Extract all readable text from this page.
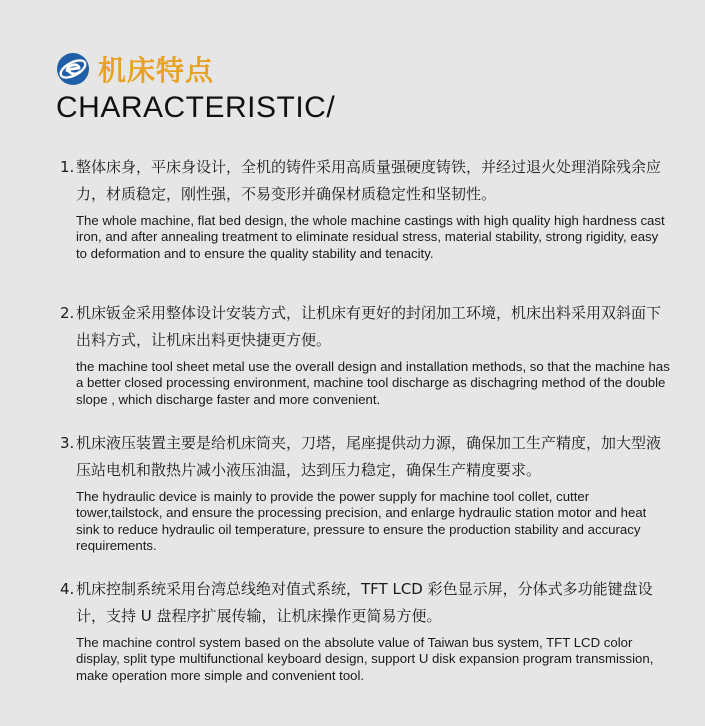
机床特点
CHARACTERISTIC/
1. 整体床身，平床身设计，全机的铸件采用高质量强硬度铸铁，并经过退火处理消除残余应力，材质稳定，刚性强，不易变形并确保材质稳定性和坚韧性。
The whole machine, flat bed design, the whole machine castings with high quality high hardness cast iron, and after annealing treatment to eliminate residual stress, material stability, strong rigidity, easy to deformation and to ensure the quality stability and tenacity.
2. 机床钣金采用整体设计安装方式，让机床有更好的封闭加工环境，机床出料采用双斜面下出料方式，让机床出料更快捷更方便。
the machine tool sheet metal use the overall design and installation methods, so that the machine has a better closed processing environment, machine tool discharge as dischagring method of the double slope , which discharge faster and more convenient.
3. 机床液压装置主要是给机床筒夹，刀塔，尾座提供动力源，确保加工生产精度，加大型液压站电机和散热片减小液压油温，达到压力稳定，确保生产精度要求。
The hydraulic device is mainly to provide the power supply for machine tool collet, cutter tower,tailstock, and ensure the processing precision, and enlarge hydraulic station motor and heat sink to reduce hydraulic oil temperature, pressure to ensure the production stability and accuracy requirements.
4. 机床控制系统采用台湾总线绝对值式系统，TFT LCD 彩色显示屏，分体式多功能键盘设计，支持 U 盘程序扩展传输，让机床操作更简易方便。
The machine control system based on the absolute value of Taiwan bus system, TFT LCD color display, split type multifunctional keyboard design, support U disk expansion program transmission, make operation more simple and convenient tool.
